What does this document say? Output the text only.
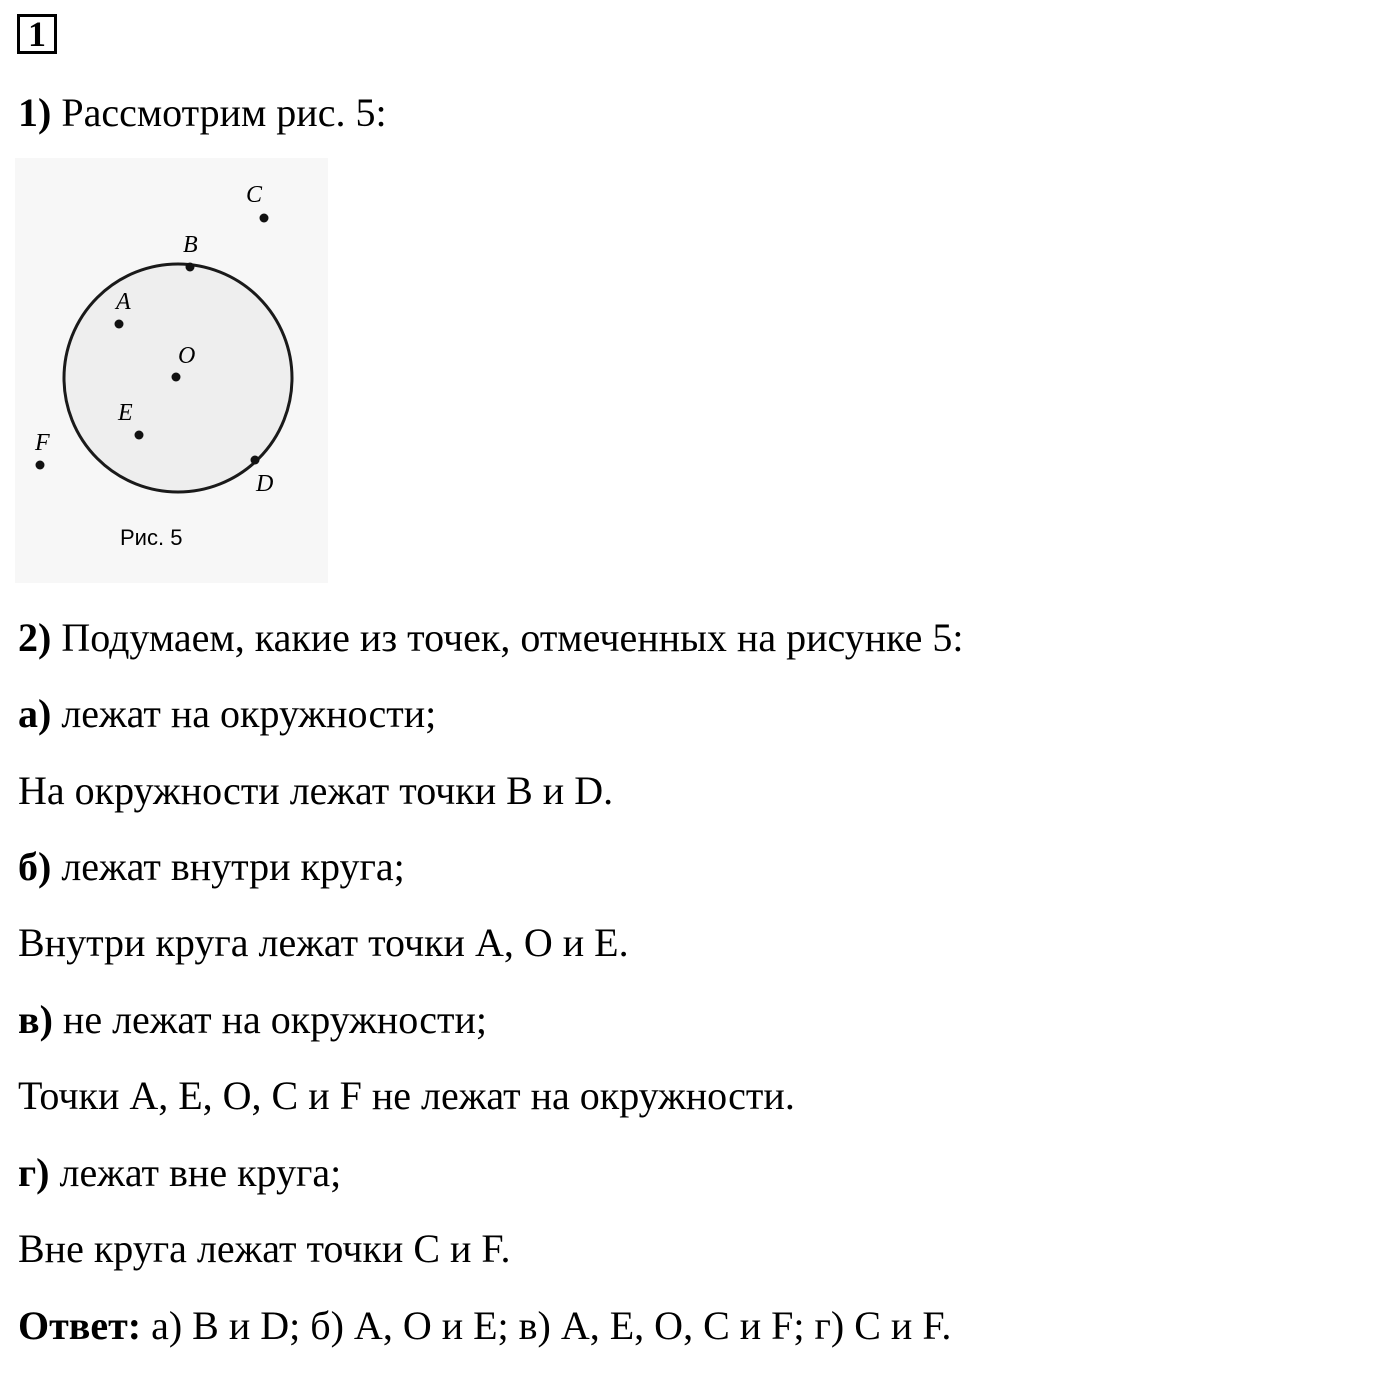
1
1) Рассмотрим рис. 5:
C
B
A
O
E
F
D
Рис. 5
2) Подумаем, какие из точек, отмеченных на рисунке 5:
а) лежат на окружности;
На окружности лежат точки B и D.
б) лежат внутри круга;
Внутри круга лежат точки A, O и E.
в) не лежат на окружности;
Точки A, E, O, C и F не лежат на окружности.
г) лежат вне круга;
Вне круга лежат точки C и F.
Ответ: а) B и D; б) A, O и E; в) A, E, O, C и F; г) C и F.
